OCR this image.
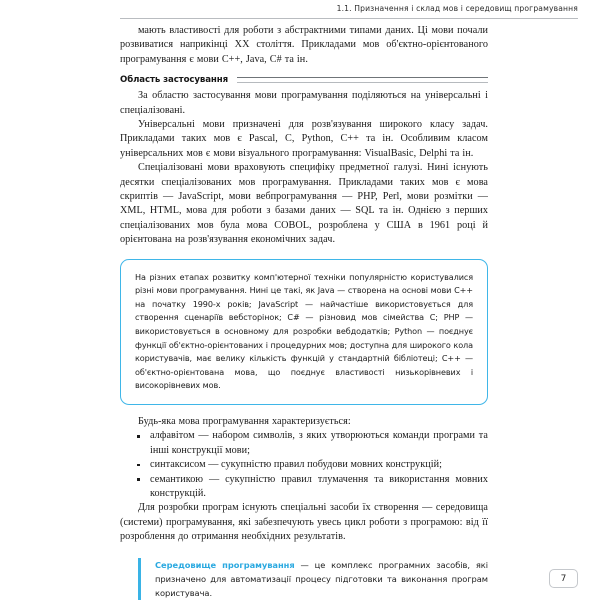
1.1. Призначення і склад мов і середовищ програмування

мають властивості для роботи з абстрактними типами даних. Ці мови почали розвиватися наприкінці XX століття. Прикладами мов об'єктно-орієнтованого програмування є мови C++, Java, C# та ін.

Область застосування

За областю застосування мови програмування поділяються на універсальні і спеціалізовані.

Універсальні мови призначені для розв'язування широкого класу задач. Прикладами таких мов є Pascal, C, Python, C++ та ін. Особливим класом універсальних мов є мови візуального програмування: VisualBasic, Delphi та ін.

Спеціалізовані мови враховують специфіку предметної галузі. Нині існують десятки спеціалізованих мов програмування. Прикладами таких мов є мова скриптів — JavaScript, мови вебпрограмування — PHP, Perl, мови розмітки — XML, HTML, мова для роботи з базами даних — SQL та ін. Однією з перших спеціалізованих мов була мова COBOL, розроблена у США в 1961 році й орієнтована на розв'язування економічних задач.

На різних етапах розвитку комп'ютерної техніки популярністю користувалися різні мови програмування. Нині це такі, як Java — створена на основі мови C++ на початку 1990-х років; JavaScript — найчастіше використовується для створення сценаріїв вебсторінок; C# — різновид мов сімейства C; PHP — використовується в основному для розробки вебдодатків; Python — поєднує функції об'єктно-орієнтованих і процедурних мов; доступна для широкого кола користувачів, має велику кількість функцій у стандартній бібліотеці; C++ — об'єктно-орієнтована мова, що поєднує властивості низькорівневих і високорівневих мов.

Будь-яка мова програмування характеризується:

алфавітом — набором символів, з яких утворюються команди програми та інші конструкції мови;
синтаксисом — сукупністю правил побудови мовних конструкцій;
семантикою — сукупністю правил тлумачення та використання мовних конструкцій.

Для розробки програм існують спеціальні засоби їх створення — середовища (системи) програмування, які забезпечують увесь цикл роботи з програмою: від її розроблення до отримання необхідних результатів.

Середовище програмування — це комплекс програмних засобів, які призначено для автоматизації процесу підготовки та виконання програм користувача.

7
